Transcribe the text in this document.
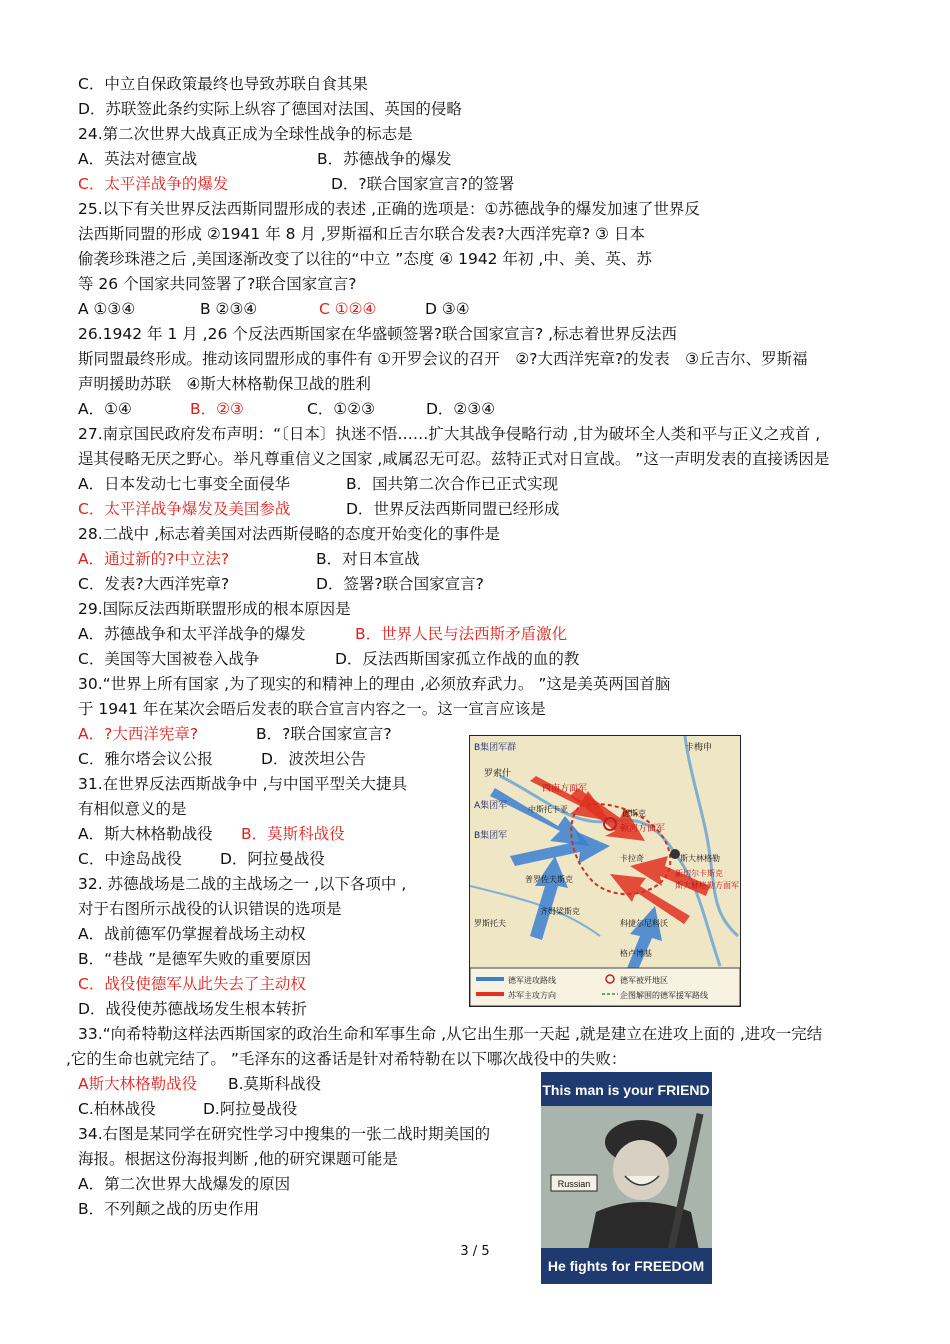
C．中立自保政策最终也导致苏联自食其果
D．苏联签此条约实际上纵容了德国对法国、英国的侵略
24.第二次世界大战真正成为全球性战争的标志是
A．英法对德宣战	B．苏德战争的爆发
C．太平洋战争的爆发	D．?联合国家宣言?的签署
25.以下有关世界反法西斯同盟形成的表述 ,正确的选项是：①苏德战争的爆发加速了世界反
法西斯同盟的形成 ②1941 年 8 月 ,罗斯福和丘吉尔联合发表?大西洋宪章? ③ 日本
偷袭珍珠港之后 ,美国逐渐改变了以往的“中立 ”态度 ④ 1942 年初 ,中、美、英、苏
等 26 个国家共同签署了?联合国家宣言?
A ①③④	B ②③④	C ①②④	D ③④
26.1942 年 1 月 ,26 个反法西斯国家在华盛顿签署?联合国家宣言? ,标志着世界反法西
斯同盟最终形成。推动该同盟形成的事件有 ①开罗会议的召开　②?大西洋宪章?的发表　③丘吉尔、罗斯福
声明援助苏联　④斯大林格勒保卫战的胜利
A．①④	B．②③	C．①②③	D．②③④
27.南京国民政府发布声明：“〔日本〕执迷不悟……扩大其战争侵略行动 ,甘为破坏全人类和平与正义之戎首 ,
逞其侵略无厌之野心。举凡尊重信义之国家 ,咸属忍无可忍。兹特正式对日宣战。 ”这一声明发表的直接诱因是
A．日本发动七七事变全面侵华	B．国共第二次合作已正式实现
C．太平洋战争爆发及美国参战	D．世界反法西斯同盟已经形成
28.二战中 ,标志着美国对法西斯侵略的态度开始变化的事件是
A．通过新的?中立法?	B．对日本宣战
C．发表?大西洋宪章?	D．签署?联合国家宣言?
29.国际反法西斯联盟形成的根本原因是
A．苏德战争和太平洋战争的爆发	B．世界人民与法西斯矛盾激化
C．美国等大国被卷入战争	D．反法西斯国家孤立作战的血的教
30.“世界上所有国家 ,为了现实的和精神上的理由 ,必须放弃武力。 ”这是美英两国首脑
于 1941 年在某次会晤后发表的联合宣言内容之一。这一宣言应该是
A．?大西洋宪章?	B．?联合国家宣言?
C．雅尔塔会议公报	D．波茨坦公告
31.在世界反法西斯战争中 ,与中国平型关大捷具
有相似意义的是
A．斯大林格勒战役 B．莫斯科战役
C．中途岛战役 D．阿拉曼战役
32. 苏德战场是二战的主战场之一 ,以下各项中 ,
对于右图所示战役的认识错误的选项是
A．战前德军仍掌握着战场主动权
B．“巷战 ”是德军失败的重要原因
C．战役使德军从此失去了主动权
D．战役使苏德战场发生根本转折
33.“向希特勒这样法西斯国家的政治生命和军事生命 ,从它出生那一天起 ,就是建立在进攻上面的 ,进攻一完结
,它的生命也就完结了。 ”毛泽东的这番话是针对希特勒在以下哪次战役中的失败：
A斯大林格勒战役 B.莫斯科战役
C.柏林战役	D.阿拉曼战役
34.右图是某同学在研究性学习中搜集的一张二战时期美国的
海报。根据这份海报判断 ,他的研究课题可能是
A．第二次世界大战爆发的原因
B．不列颠之战的历史作用
B集团军群	卡梅申
罗索什
西南方面军
A集团军	中斯托卡亚	德斯克
顿河方面军
卡拉奇	斯大林格勒
新切尔卡斯克
斯大林格勒方面军
普罗佐夫斯克
齐姆梁斯克
科捷尔尼科沃
罗斯托夫
格卢博基
B集团军
德军进攻路线
苏军主攻方向
德军被歼地区
企图解围的德军援军路线
This man is your FRIEND
Russian
He fights for FREEDOM
3 / 5
